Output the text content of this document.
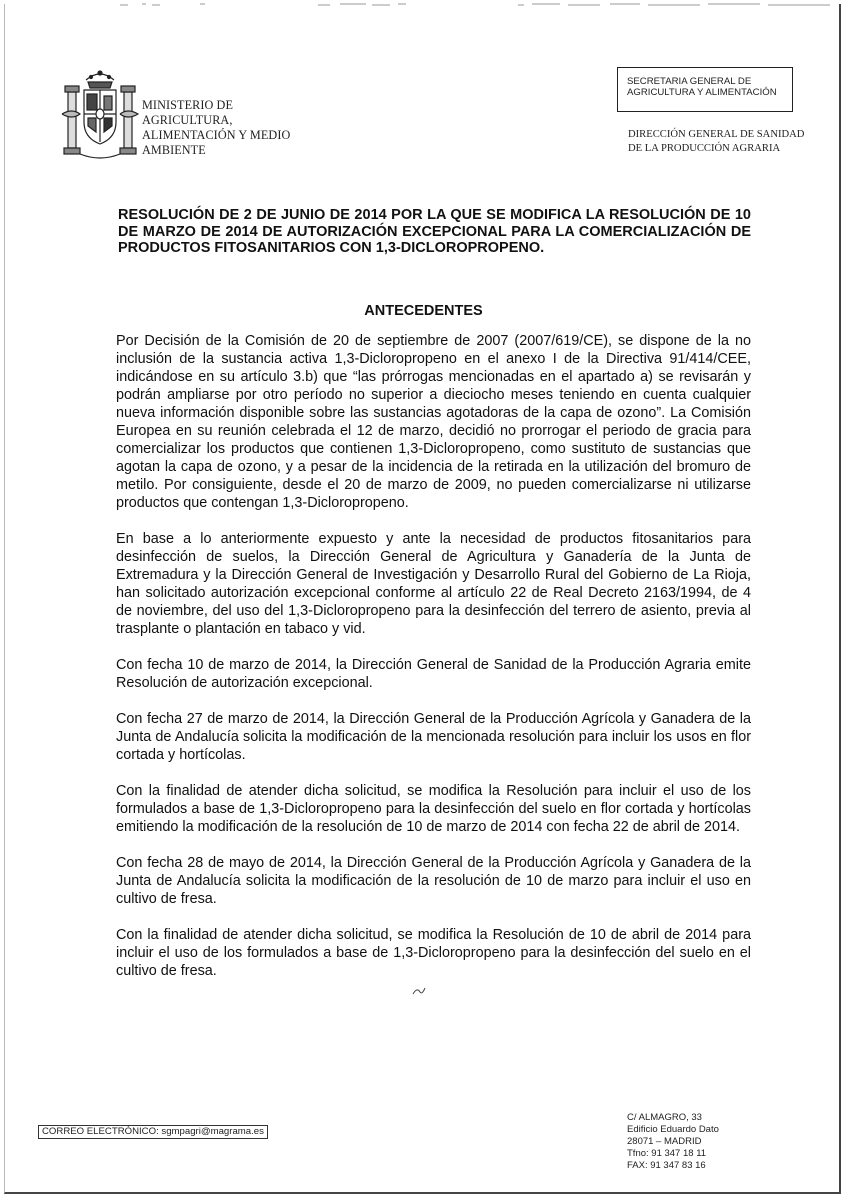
MINISTERIO DE
AGRICULTURA,
ALIMENTACIÓN Y MEDIO
AMBIENTE
SECRETARIA GENERAL DE
AGRICULTURA Y ALIMENTACIÓN
DIRECCIÓN GENERAL DE SANIDAD
DE LA PRODUCCIÓN AGRARIA
RESOLUCIÓN DE 2 DE JUNIO DE 2014 POR LA QUE SE MODIFICA LA RESOLUCIÓN DE 10 DE MARZO DE 2014 DE AUTORIZACIÓN EXCEPCIONAL PARA LA COMERCIALIZACIÓN DE PRODUCTOS FITOSANITARIOS CON 1,3-DICLOROPROPENO.
ANTECEDENTES

Por Decisión de la Comisión de 20 de septiembre de 2007 (2007/619/CE), se dispone de la no inclusión de la sustancia activa 1,3-Dicloropropeno en el anexo I de la Directiva 91/414/CEE, indicándose en su artículo 3.b) que “las prórrogas mencionadas en el apartado a) se revisarán y podrán ampliarse por otro período no superior a dieciocho meses teniendo en cuenta cualquier nueva información disponible sobre las sustancias agotadoras de la capa de ozono”. La Comisión Europea en su reunión celebrada el 12 de marzo, decidió no prorrogar el periodo de gracia para comercializar los productos que contienen 1,3-Dicloropropeno, como sustituto de sustancias que agotan la capa de ozono, y a pesar de la incidencia de la retirada en la utilización del bromuro de metilo. Por consiguiente, desde el 20 de marzo de 2009, no pueden comercializarse ni utilizarse productos que contengan 1,3-Dicloropropeno.

En base a lo anteriormente expuesto y ante la necesidad de productos fitosanitarios para desinfección de suelos, la Dirección General de Agricultura y Ganadería de la Junta de Extremadura y la Dirección General de Investigación y Desarrollo Rural del Gobierno de La Rioja, han solicitado autorización excepcional conforme al artículo 22 de Real Decreto 2163/1994, de 4 de noviembre, del uso del 1,3-Dicloropropeno para la desinfección del terrero de asiento, previa al trasplante o plantación en tabaco y vid.

Con fecha 10 de marzo de 2014, la Dirección General de Sanidad de la Producción Agraria emite Resolución de autorización excepcional.

Con fecha 27 de marzo de 2014, la Dirección General de la Producción Agrícola y Ganadera de la Junta de Andalucía solicita la modificación de la mencionada resolución para incluir los usos en flor cortada y hortícolas.

Con la finalidad de atender dicha solicitud, se modifica la Resolución para incluir el uso de los formulados a base de 1,3-Dicloropropeno para la desinfección del suelo en flor cortada y hortícolas emitiendo la modificación de la resolución de 10 de marzo de 2014 con fecha 22 de abril de 2014.

Con fecha 28 de mayo de 2014, la Dirección General de la Producción Agrícola y Ganadera de la Junta de Andalucía solicita la modificación de la resolución de 10 de marzo para incluir el uso en cultivo de fresa.

Con la finalidad de atender dicha solicitud, se modifica la Resolución de 10 de abril de 2014 para incluir el uso de los formulados a base de 1,3-Dicloropropeno para la desinfección del suelo en el cultivo de fresa.

CORREO ELECTRÓNICO: sgmpagri@magrama.es
C/ ALMAGRO, 33
Edificio Eduardo Dato
28071 – MADRID
Tfno: 91 347 18 11
FAX: 91 347 83 16
